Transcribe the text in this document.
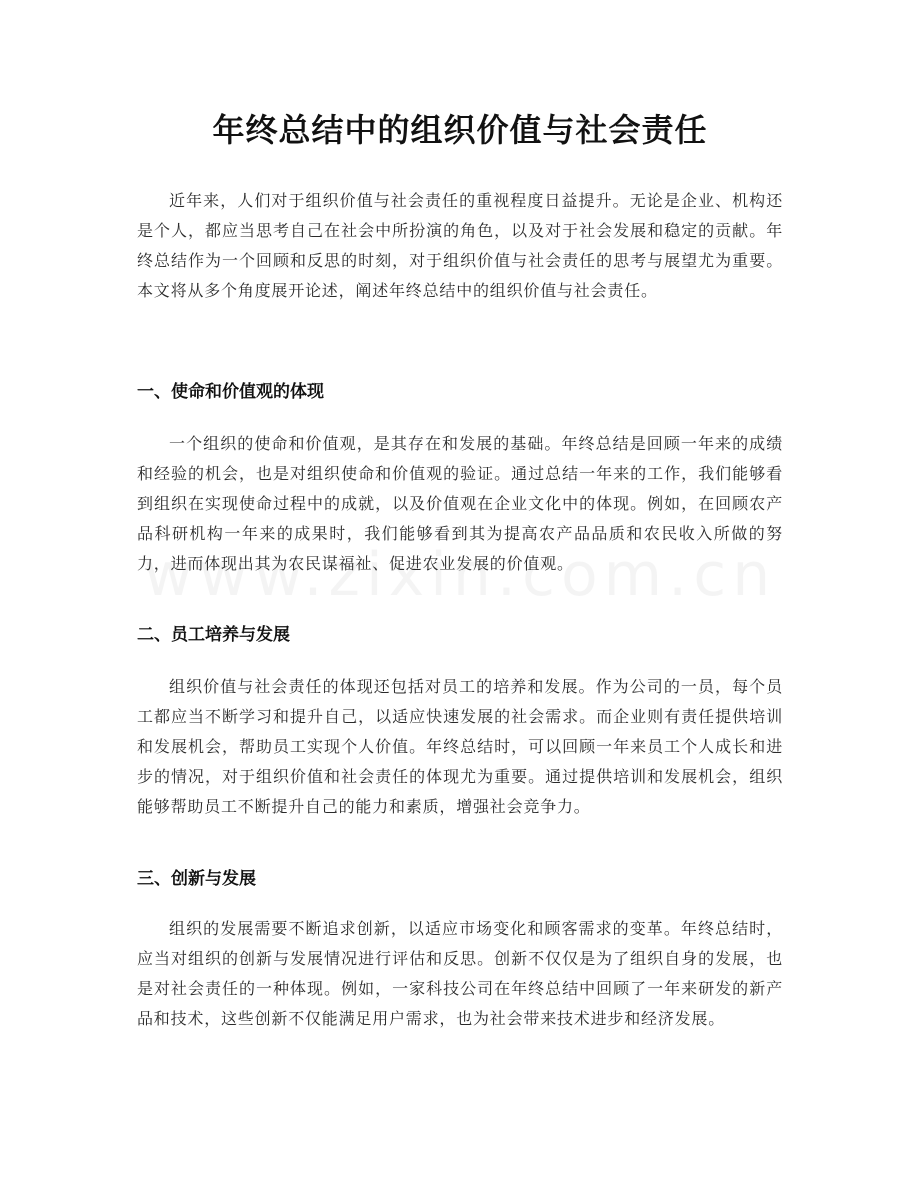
年终总结中的组织价值与社会责任

近年来，人们对于组织价值与社会责任的重视程度日益提升。无论是企业、机构还是个人，都应当思考自己在社会中所扮演的角色，以及对于社会发展和稳定的贡献。年终总结作为一个回顾和反思的时刻，对于组织价值与社会责任的思考与展望尤为重要。本文将从多个角度展开论述，阐述年终总结中的组织价值与社会责任。

一、使命和价值观的体现

一个组织的使命和价值观，是其存在和发展的基础。年终总结是回顾一年来的成绩和经验的机会，也是对组织使命和价值观的验证。通过总结一年来的工作，我们能够看到组织在实现使命过程中的成就，以及价值观在企业文化中的体现。例如，在回顾农产品科研机构一年来的成果时，我们能够看到其为提高农产品品质和农民收入所做的努力，进而体现出其为农民谋福祉、促进农业发展的价值观。

二、员工培养与发展

组织价值与社会责任的体现还包括对员工的培养和发展。作为公司的一员，每个员工都应当不断学习和提升自己，以适应快速发展的社会需求。而企业则有责任提供培训和发展机会，帮助员工实现个人价值。年终总结时，可以回顾一年来员工个人成长和进步的情况，对于组织价值和社会责任的体现尤为重要。通过提供培训和发展机会，组织能够帮助员工不断提升自己的能力和素质，增强社会竞争力。

三、创新与发展

组织的发展需要不断追求创新，以适应市场变化和顾客需求的变革。年终总结时，应当对组织的创新与发展情况进行评估和反思。创新不仅仅是为了组织自身的发展，也是对社会责任的一种体现。例如，一家科技公司在年终总结中回顾了一年来研发的新产品和技术，这些创新不仅能满足用户需求，也为社会带来技术进步和经济发展。
